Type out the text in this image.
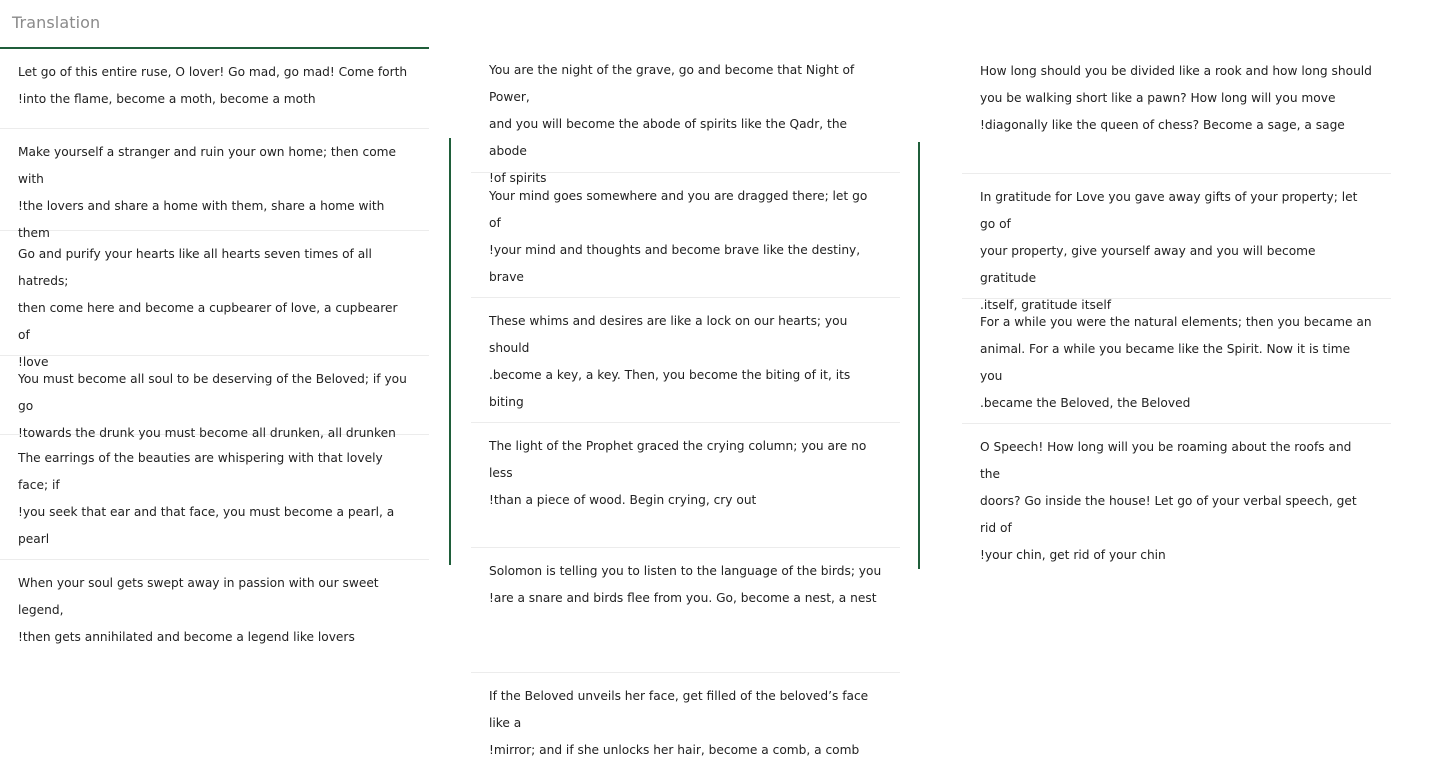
Translation

Let go of this entire ruse, O lover! Go mad, go mad! Come forth

!into the flame, become a moth, become a moth

Make yourself a stranger and ruin your own home; then come with

!the lovers and share a home with them, share a home with them

Go and purify your hearts like all hearts seven times of all hatreds;

then come here and become a cupbearer of love, a cupbearer of

!love

You must become all soul to be deserving of the Beloved; if you go

!towards the drunk you must become all drunken, all drunken

The earrings of the beauties are whispering with that lovely face; if

!you seek that ear and that face, you must become a pearl, a pearl

When your soul gets swept away in passion with our sweet legend,

!then gets annihilated and become a legend like lovers

You are the night of the grave, go and become that Night of Power,

and you will become the abode of spirits like the Qadr, the abode

!of spirits

Your mind goes somewhere and you are dragged there; let go of

!your mind and thoughts and become brave like the destiny, brave

These whims and desires are like a lock on our hearts; you should

.become a key, a key. Then, you become the biting of it, its biting

The light of the Prophet graced the crying column; you are no less

!than a piece of wood. Begin crying, cry out

Solomon is telling you to listen to the language of the birds; you

!are a snare and birds flee from you. Go, become a nest, a nest

If the Beloved unveils her face, get filled of the beloved’s face like a

!mirror; and if she unlocks her hair, become a comb, a comb

How long should you be divided like a rook and how long should

you be walking short like a pawn? How long will you move

!diagonally like the queen of chess? Become a sage, a sage

In gratitude for Love you gave away gifts of your property; let go of

your property, give yourself away and you will become gratitude

.itself, gratitude itself

For a while you were the natural elements; then you became an

animal. For a while you became like the Spirit. Now it is time you

.became the Beloved, the Beloved

O Speech! How long will you be roaming about the roofs and the

doors? Go inside the house! Let go of your verbal speech, get rid of

!your chin, get rid of your chin
